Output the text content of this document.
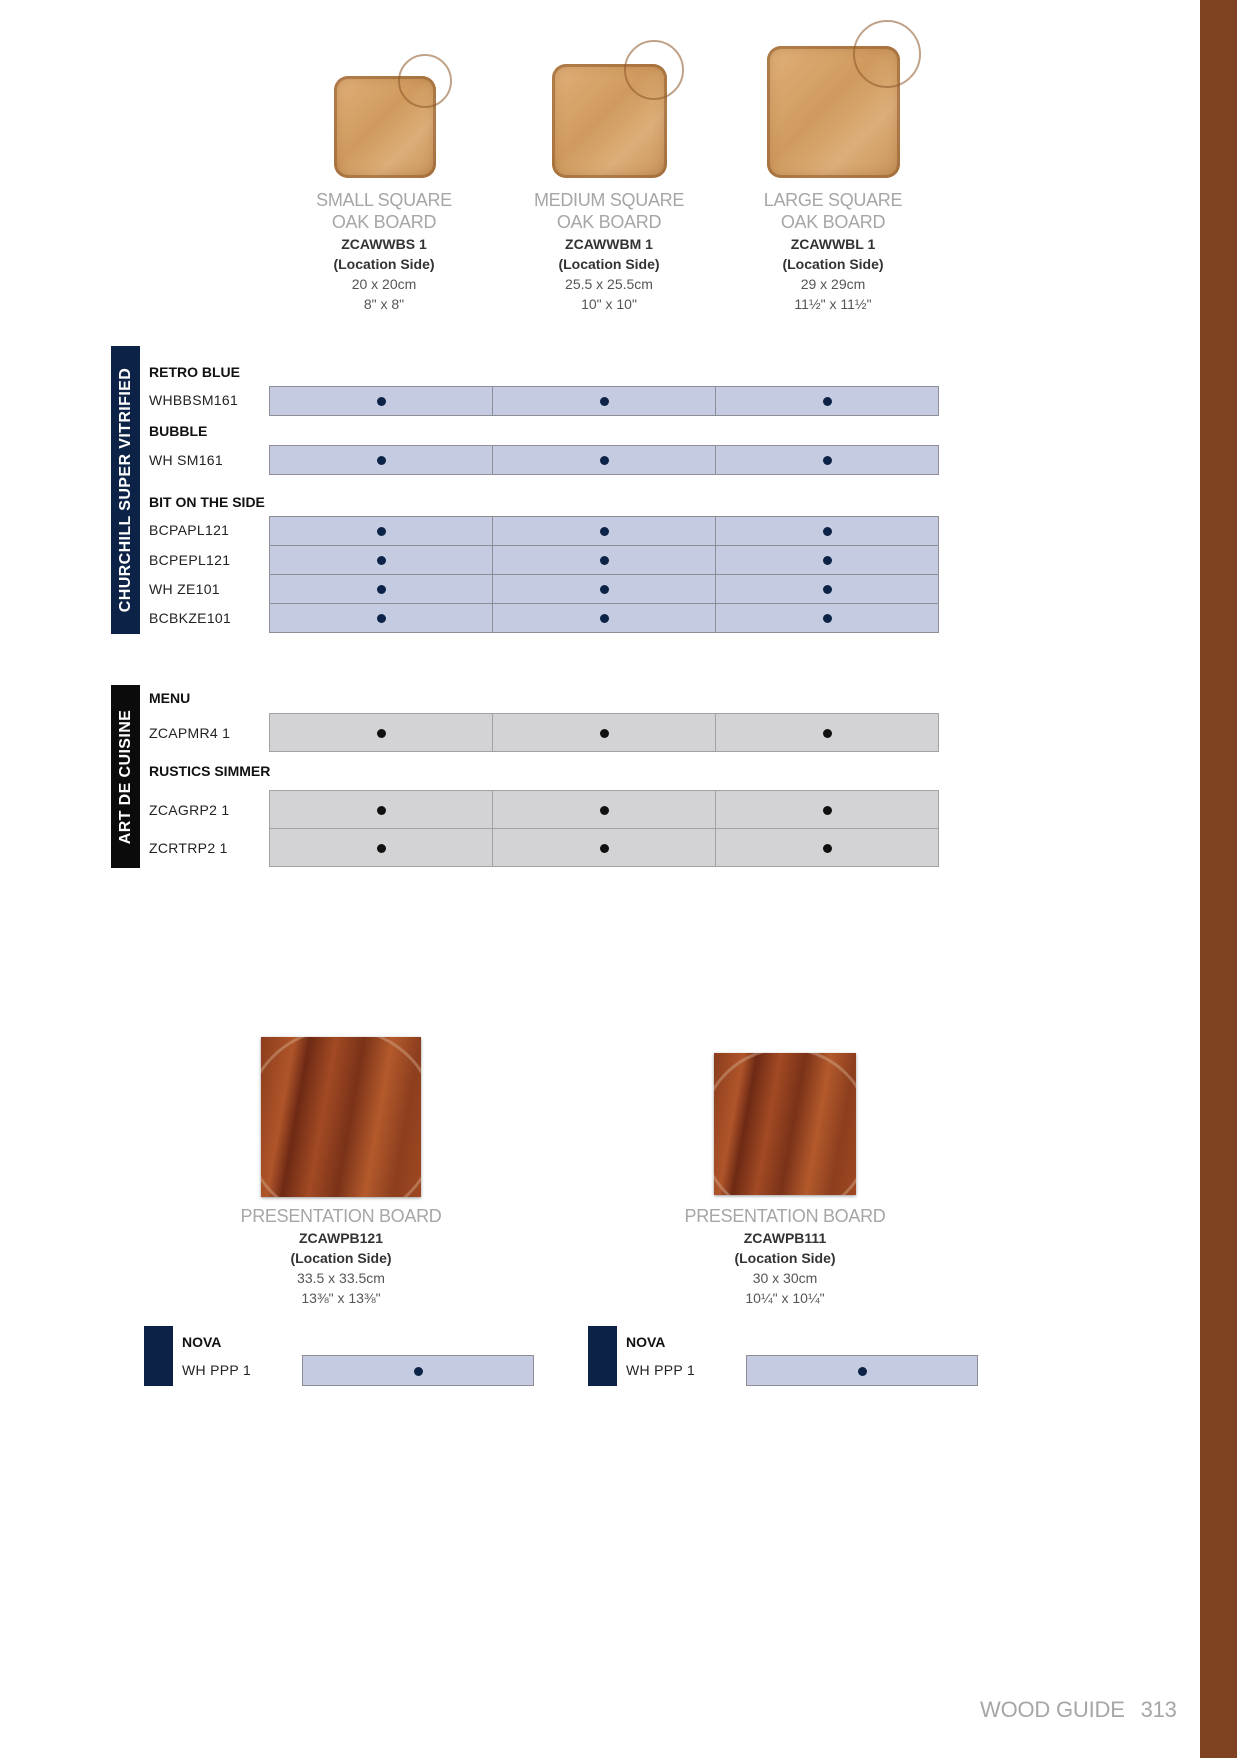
SMALL SQUARE
OAK BOARD
ZCAWWBS 1
(Location Side)
20 x 20cm
8" x 8"
MEDIUM SQUARE
OAK BOARD
ZCAWWBM 1
(Location Side)
25.5 x 25.5cm
10" x 10"
LARGE SQUARE
OAK BOARD
ZCAWWBL 1
(Location Side)
29 x 29cm
11½" x 11½"
CHURCHILL SUPER VITRIFIED RETRO BLUE
WHBBSM161
BUBBLE
WH SM161
BIT ON THE SIDE
BCPAPL121
BCPEPL121
WH ZE101
BCBKZE101
ART DE CUISINE
MENU
ZCAPMR4 1
RUSTICS SIMMER
ZCAGRP2 1
ZCRTRP2 1
PRESENTATION BOARD
ZCAWPB121
(Location Side)
33.5 x 33.5cm
13⅜" x 13⅜"
PRESENTATION BOARD
ZCAWPB111
(Location Side)
30 x 30cm
10¼" x 10¼"
NOVA
WH PPP 1
NOVA
WH PPP 1
WOOD GUIDE 313
